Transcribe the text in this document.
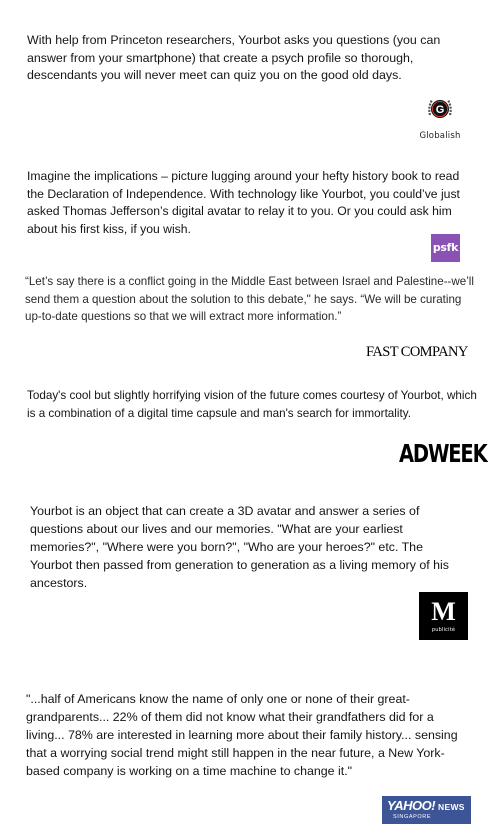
With help from Princeton researchers, Yourbot asks you questions (you can answer from your smartphone) that create a psych profile so thorough, descendants you will never meet can quiz you on the good old days.

G
Globalish

Imagine the implications – picture lugging around your hefty history book to read the Declaration of Independence. With technology like Yourbot, you could’ve just asked Thomas Jefferson’s digital avatar to relay it to you. Or you could ask him about his first kiss, if you wish.

psfk

“Let’s say there is a conflict going in the Middle East between Israel and Palestine--we’ll send them a question about the solution to this debate," he says. “We will be curating up-to-date questions so that we will extract more information.”

FAST COMPANY

Today's cool but slightly horrifying vision of the future comes courtesy of Yourbot, which is a combination of a digital time capsule and man's search for immortality.

ADWEEK

Yourbot is an object that can create a 3D avatar and answer a series of questions about our lives and our memories. "What are your earliest memories?", "Where were you born?", "Who are your heroes?" etc. The Yourbot then passed from generation to generation as a living memory of his ancestors.

M
publicité

"...half of Americans know the name of only one or none of their great-grandparents... 22% of them did not know what their grandfathers did for a living... 78% are interested in learning more about their family history... sensing that a worrying social trend might still happen in the near future, a New York-based company is working on a time machine to change it."

YAHOO! NEWS
SINGAPORE
